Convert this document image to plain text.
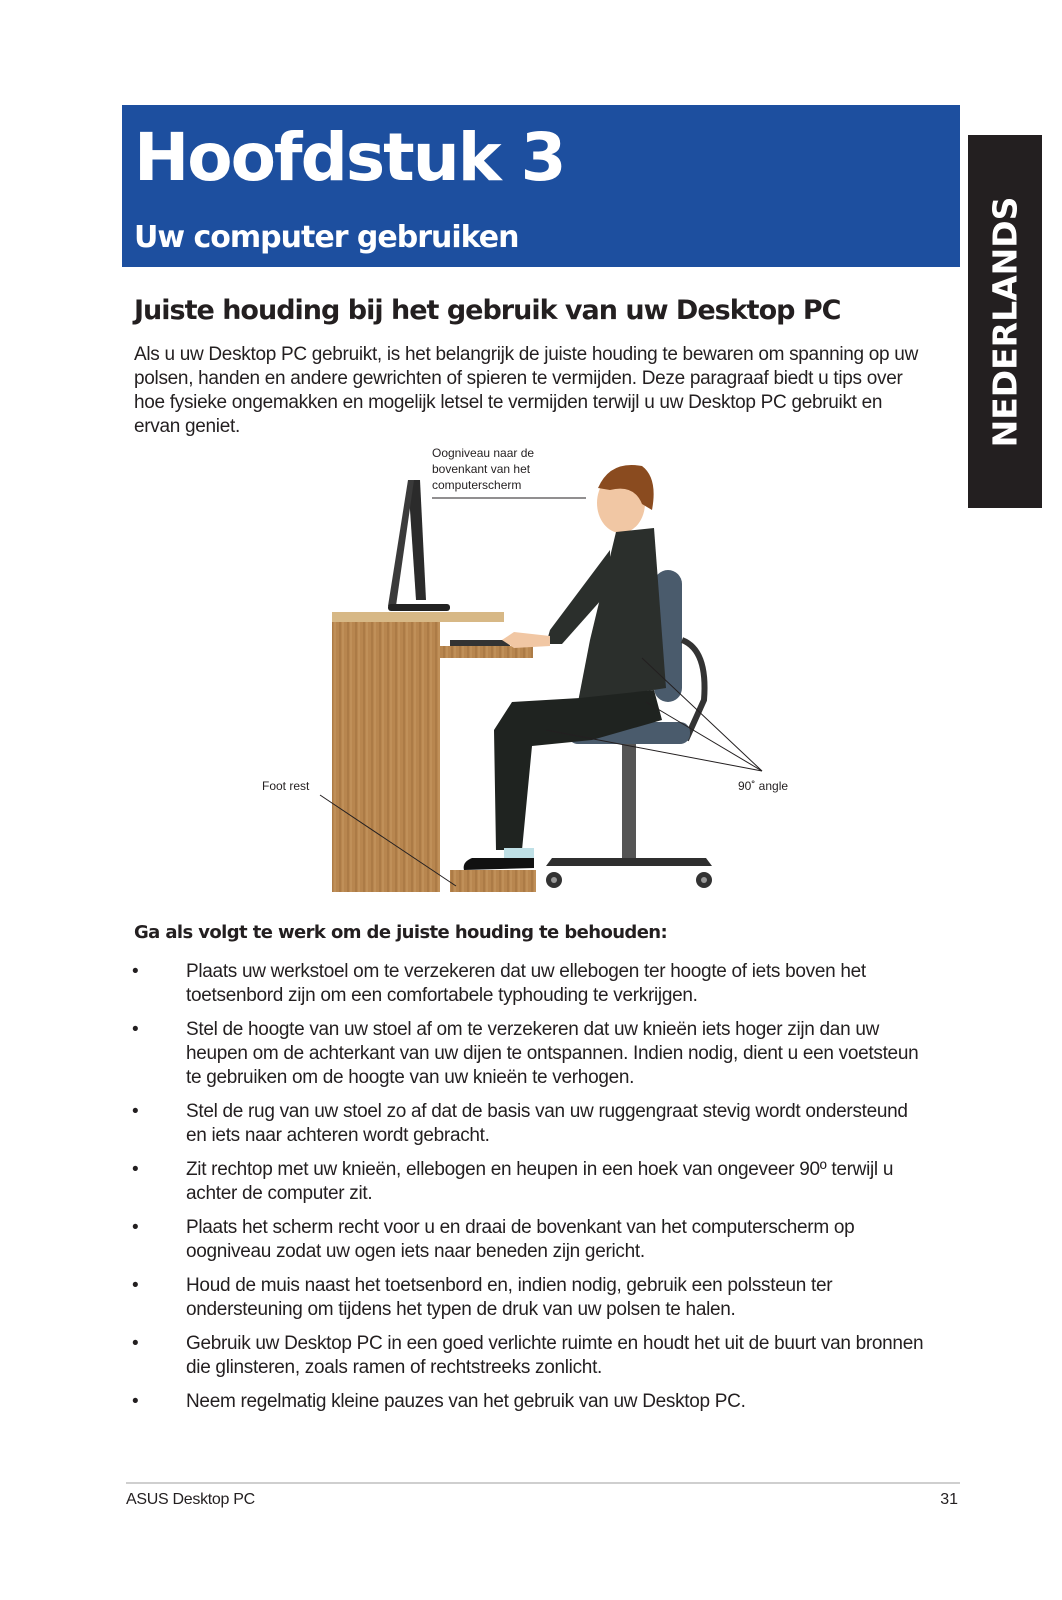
Hoofdstuk 3
Uw computer gebruiken	NEDERLANDS
Juiste houding bij het gebruik van uw Desktop PC

Als u uw Desktop PC gebruikt, is het belangrijk de juiste houding te bewaren om spanning op uw polsen, handen en andere gewrichten of spieren te vermijden. Deze paragraaf biedt u tips over hoe fysieke ongemakken en mogelijk letsel te vermijden terwijl u uw Desktop PC gebruikt en ervan geniet.

Oogniveau naar de
bovenkant van het
computerscherm
Foot rest	90˚ angle
Ga als volgt te werk om de juiste houding te behouden:
•	Plaats uw werkstoel om te verzekeren dat uw ellebogen ter hoogte of iets boven het toetsenbord zijn om een comfortabele typhouding te verkrijgen.
•	Stel de hoogte van uw stoel af om te verzekeren dat uw knieën iets hoger zijn dan uw heupen om de achterkant van uw dijen te ontspannen. Indien nodig, dient u een voetsteun te gebruiken om de hoogte van uw knieën te verhogen.
•	Stel de rug van uw stoel zo af dat de basis van uw ruggengraat stevig wordt ondersteund en iets naar achteren wordt gebracht.
•	Zit rechtop met uw knieën, ellebogen en heupen in een hoek van ongeveer 90º terwijl u achter de computer zit.
•	Plaats het scherm recht voor u en draai de bovenkant van het computerscherm op oogniveau zodat uw ogen iets naar beneden zijn gericht.
•	Houd de muis naast het toetsenbord en, indien nodig, gebruik een polssteun ter ondersteuning om tijdens het typen de druk van uw polsen te halen.
•	Gebruik uw Desktop PC in een goed verlichte ruimte en houdt het uit de buurt van bronnen die glinsteren, zoals ramen of rechtstreeks zonlicht.
•	Neem regelmatig kleine pauzes van het gebruik van uw Desktop PC.
ASUS Desktop PC	31
